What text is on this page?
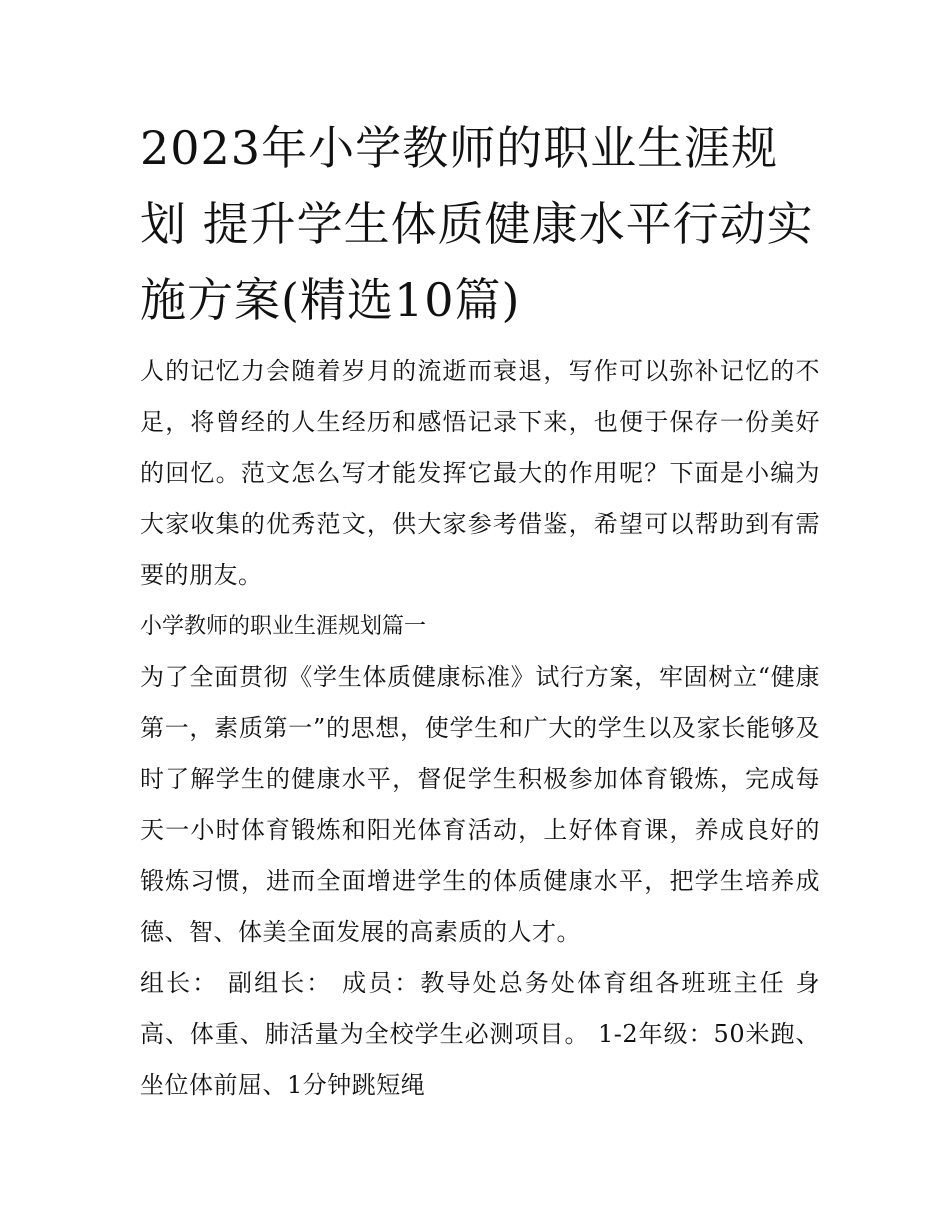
2023年小学教师的职业生涯规划 提升学生体质健康水平行动实施方案(精选10篇)

人的记忆力会随着岁月的流逝而衰退，写作可以弥补记忆的不足，将曾经的人生经历和感悟记录下来，也便于保存一份美好的回忆。范文怎么写才能发挥它最大的作用呢？下面是小编为大家收集的优秀范文，供大家参考借鉴，希望可以帮助到有需要的朋友。

小学教师的职业生涯规划篇一

为了全面贯彻《学生体质健康标准》试行方案，牢固树立“健康第一，素质第一”的思想，使学生和广大的学生以及家长能够及时了解学生的健康水平，督促学生积极参加体育锻炼，完成每天一小时体育锻炼和阳光体育活动，上好体育课，养成良好的锻炼习惯，进而全面增进学生的体质健康水平，把学生培养成德、智、体美全面发展的高素质的人才。

组长： 副组长： 成员：教导处总务处体育组各班班主任 身高、体重、肺活量为全校学生必测项目。 1-2年级：50米跑、坐位体前屈、1分钟跳短绳
